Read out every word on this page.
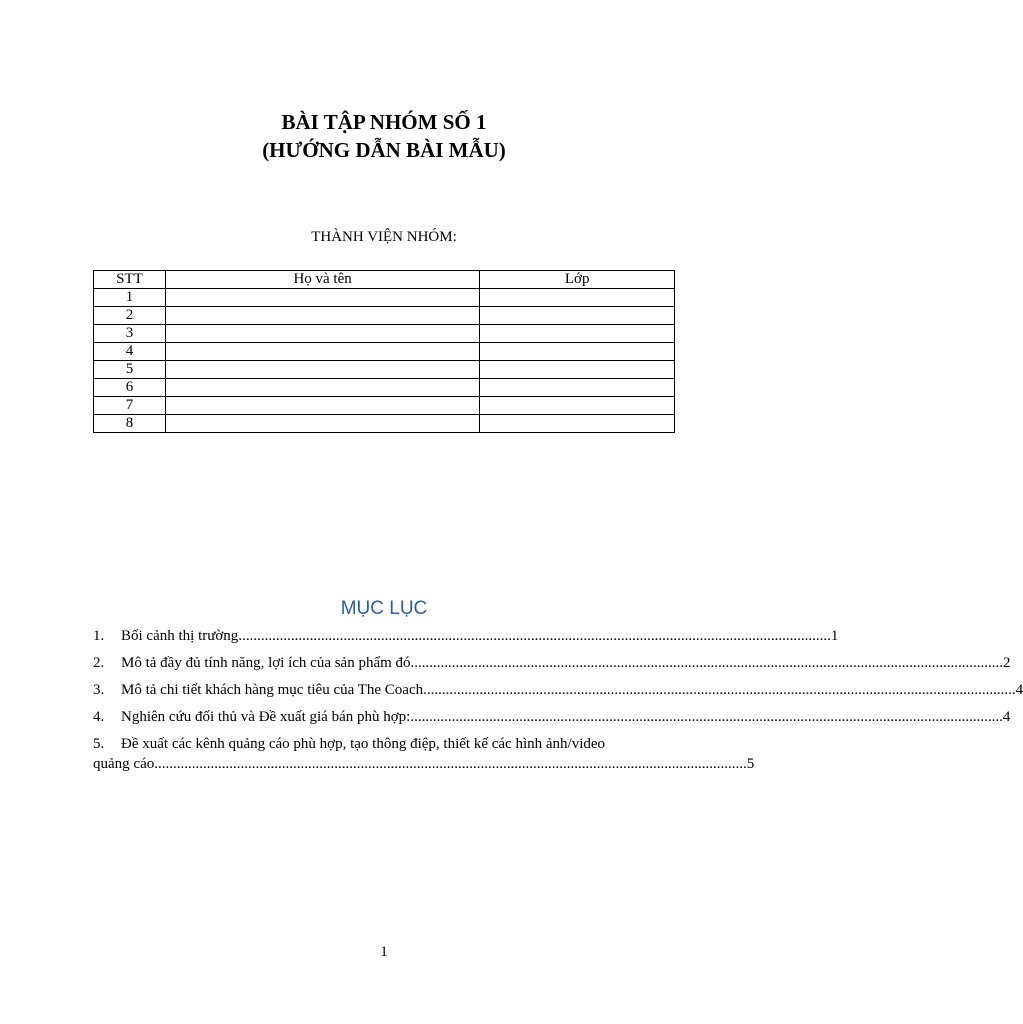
BÀI TẬP NHÓM SỐ 1
(HƯỚNG DẪN BÀI MẪU)
THÀNH VIỆN NHÓM:
STT	Họ và tên	Lớp
1		
2		
3		
4		
5		
6		
7		
8		
MỤC LỤC
1.	Bối cảnh thị trường .............................................................................................................................................................. 1
2.	Mô tả đầy đủ tính năng, lợi ích của sản phẩm đó .............................................................................................................................................................. 2
3.	Mô tả chi tiết khách hàng mục tiêu của The Coach .............................................................................................................................................................. 4
4.	Nghiên cứu đối thủ và Đề xuất giá bán phù hợp: .............................................................................................................................................................. 4
5. Đề xuất các kênh quảng cáo phù hợp, tạo thông điệp, thiết kế các hình ảnh/video
quảng cáo .............................................................................................................................................................. 5
1
